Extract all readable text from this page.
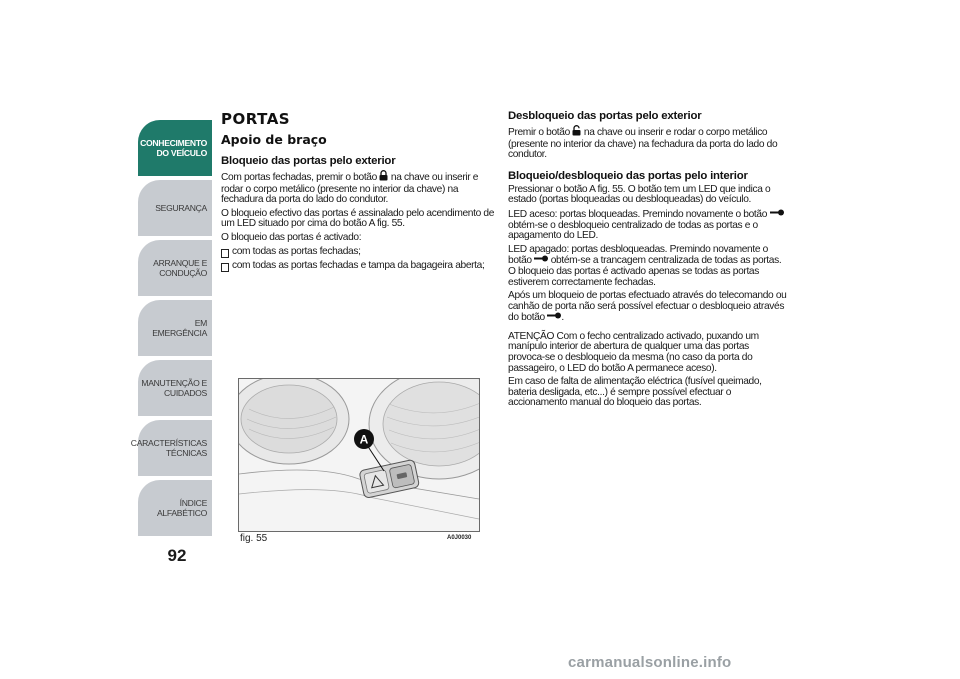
CONHECIMENTO
DO VEÍCULO
SEGURANÇA
ARRANQUE E
CONDUÇÃO
EM EMERGÊNCIA
MANUTENÇÃO E
CUIDADOS
CARACTERÍSTICAS
TÉCNICAS
ÍNDICE ALFABÉTICO
92
PORTAS
Apoio de braço
Bloqueio das portas pelo exterior

Com portas fechadas, premir o botão  na chave ou inserir e rodar o corpo metálico (presente no interior da chave) na fechadura da porta do lado do condutor.

O bloqueio efectivo das portas é assinalado pelo acendimento de um LED situado por cima do botão A fig. 55.

O bloqueio das portas é activado:

com todas as portas fechadas;
com todas as portas fechadas e tampa da bagageira aberta;
A
fig. 55	A0J0030
Desbloqueio das portas pelo exterior

Premir o botão  na chave ou inserir e rodar o corpo metálico (presente no interior da chave) na fechadura da porta do lado do condutor.

Bloqueio/desbloqueio das portas pelo interior

Pressionar o botão A fig. 55. O botão tem um LED que indica o estado (portas bloqueadas ou desbloqueadas) do veículo.

LED aceso: portas bloqueadas. Premindo novamente o botão  obtém-se o desbloqueio centralizado de todas as portas e o apagamento do LED.

LED apagado: portas desbloqueadas. Premindo novamente o botão  obtém-se a trancagem centralizada de todas as portas. O bloqueio das portas é activado apenas se todas as portas estiverem correctamente fechadas.

Após um bloqueio de portas efectuado através do telecomando ou canhão de porta não será possível efectuar o desbloqueio através do botão .

ATENÇÃO Com o fecho centralizado activado, puxando um manípulo interior de abertura de qualquer uma das portas provoca-se o desbloqueio da mesma (no caso da porta do passageiro, o LED do botão A permanece aceso).

Em caso de falta de alimentação eléctrica (fusível queimado, bateria desligada, etc...) é sempre possível efectuar o accionamento manual do bloqueio das portas.

carmanualsonline.info
